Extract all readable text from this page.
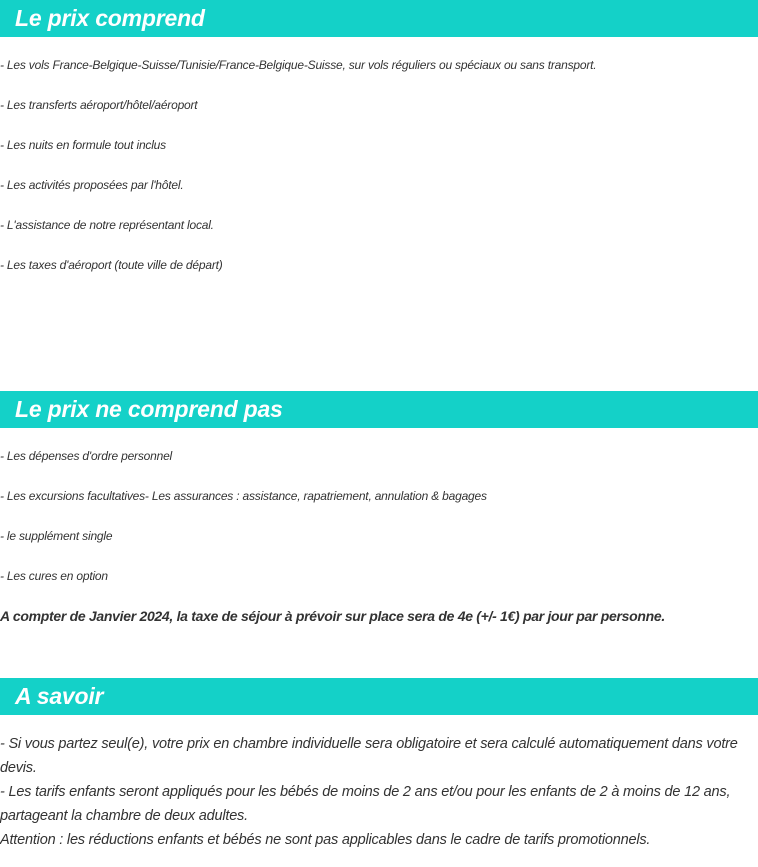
Le prix comprend
- Les vols France-Belgique-Suisse/Tunisie/France-Belgique-Suisse, sur vols réguliers ou spéciaux ou sans transport.
- Les transferts aéroport/hôtel/aéroport
- Les nuits en formule tout inclus
- Les activités proposées par l'hôtel.
- L'assistance de notre représentant local.
- Les taxes d'aéroport (toute ville de départ)
Le prix ne comprend pas
- Les dépenses d'ordre personnel
- Les excursions facultatives- Les assurances : assistance, rapatriement, annulation & bagages
- le supplément single
- Les cures en option
A compter de Janvier 2024, la taxe de séjour à prévoir sur place sera de 4e (+/- 1€) par jour par personne.
A savoir

- Si vous partez seul(e), votre prix en chambre individuelle sera obligatoire et sera calculé automatiquement dans votre devis.

- Les tarifs enfants seront appliqués pour les bébés de moins de 2 ans et/ou pour les enfants de 2 à moins de 12 ans, partageant la chambre de deux adultes.

Attention : les réductions enfants et bébés ne sont pas applicables dans le cadre de tarifs promotionnels.
